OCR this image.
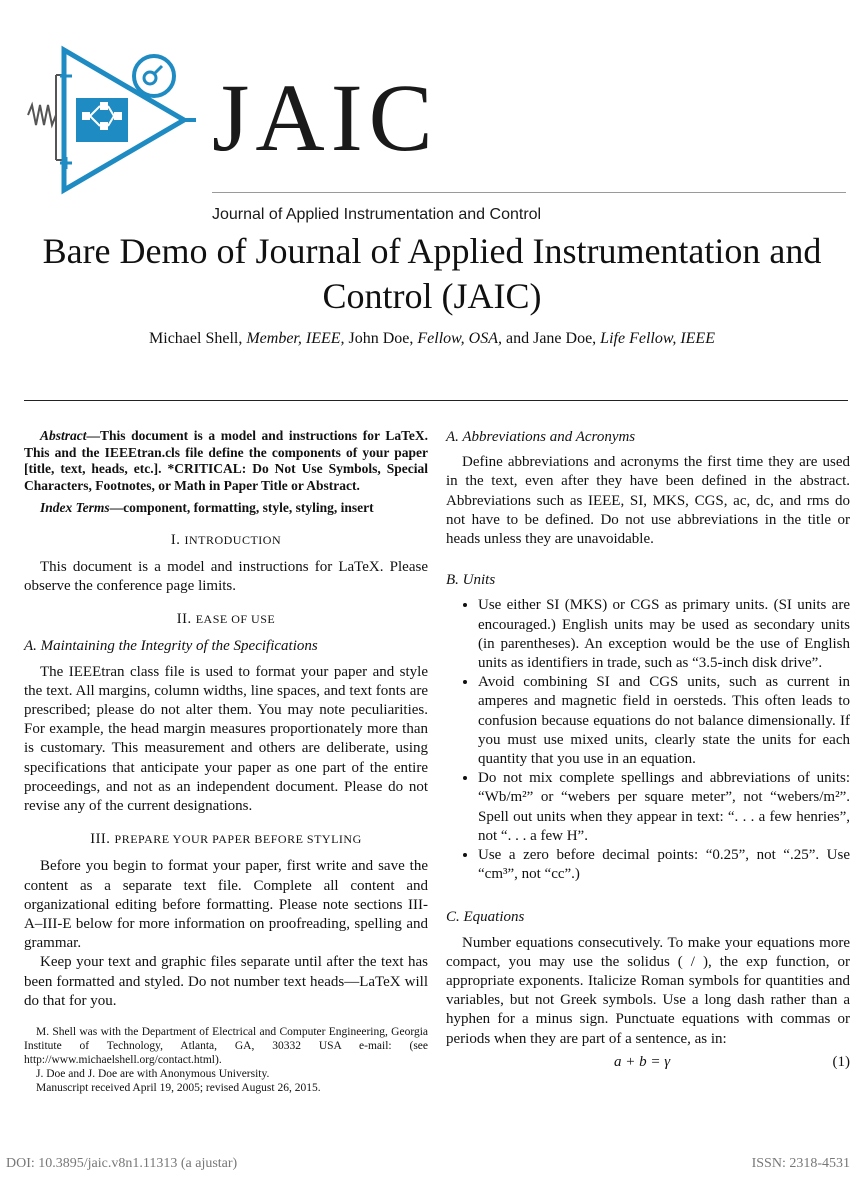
JAIC
Journal of Applied Instrumentation and Control
Bare Demo of Journal of Applied Instrumentation and Control (JAIC)
Michael Shell, Member, IEEE, John Doe, Fellow, OSA, and Jane Doe, Life Fellow, IEEE

Abstract—This document is a model and instructions for LaTeX. This and the IEEEtran.cls file define the components of your paper [title, text, heads, etc.]. *CRITICAL: Do Not Use Symbols, Special Characters, Footnotes, or Math in Paper Title or Abstract.

Index Terms—component, formatting, style, styling, insert

I. INTRODUCTION

This document is a model and instructions for LaTeX. Please observe the conference page limits.

II. EASE OF USE
A. Maintaining the Integrity of the Specifications

The IEEEtran class file is used to format your paper and style the text. All margins, column widths, line spaces, and text fonts are prescribed; please do not alter them. You may note peculiarities. For example, the head margin measures proportionately more than is customary. This measurement and others are deliberate, using specifications that anticipate your paper as one part of the entire proceedings, and not as an independent document. Please do not revise any of the current designations.

III. PREPARE YOUR PAPER BEFORE STYLING

Before you begin to format your paper, first write and save the content as a separate text file. Complete all content and organizational editing before formatting. Please note sections III-A–III-E below for more information on proofreading, spelling and grammar.

Keep your text and graphic files separate until after the text has been formatted and styled. Do not number text heads—LaTeX will do that for you.

M. Shell was with the Department of Electrical and Computer Engineering, Georgia Institute of Technology, Atlanta, GA, 30332 USA e-mail: (see http://www.michaelshell.org/contact.html).

J. Doe and J. Doe are with Anonymous University.

Manuscript received April 19, 2005; revised August 26, 2015.

A. Abbreviations and Acronyms

Define abbreviations and acronyms the first time they are used in the text, even after they have been defined in the abstract. Abbreviations such as IEEE, SI, MKS, CGS, ac, dc, and rms do not have to be defined. Do not use abbreviations in the title or heads unless they are unavoidable.

B. Units
• Use either SI (MKS) or CGS as primary units. (SI units are encouraged.) English units may be used as secondary units (in parentheses). An exception would be the use of English units as identifiers in trade, such as “3.5-inch disk drive”.
• Avoid combining SI and CGS units, such as current in amperes and magnetic field in oersteds. This often leads to confusion because equations do not balance dimensionally. If you must use mixed units, clearly state the units for each quantity that you use in an equation.
• Do not mix complete spellings and abbreviations of units: “Wb/m²” or “webers per square meter”, not “webers/m²”. Spell out units when they appear in text: “. . . a few henries”, not “. . . a few H”.
• Use a zero before decimal points: “0.25”, not “.25”. Use “cm³”, not “cc”.)
C. Equations

Number equations consecutively. To make your equations more compact, you may use the solidus ( / ), the exp function, or appropriate exponents. Italicize Roman symbols for quantities and variables, but not Greek symbols. Use a long dash rather than a hyphen for a minus sign. Punctuate equations with commas or periods when they are part of a sentence, as in:

a + b = γ	(1)
DOI: 10.3895/jaic.v8n1.11313 (a ajustar)	ISSN: 2318-4531
